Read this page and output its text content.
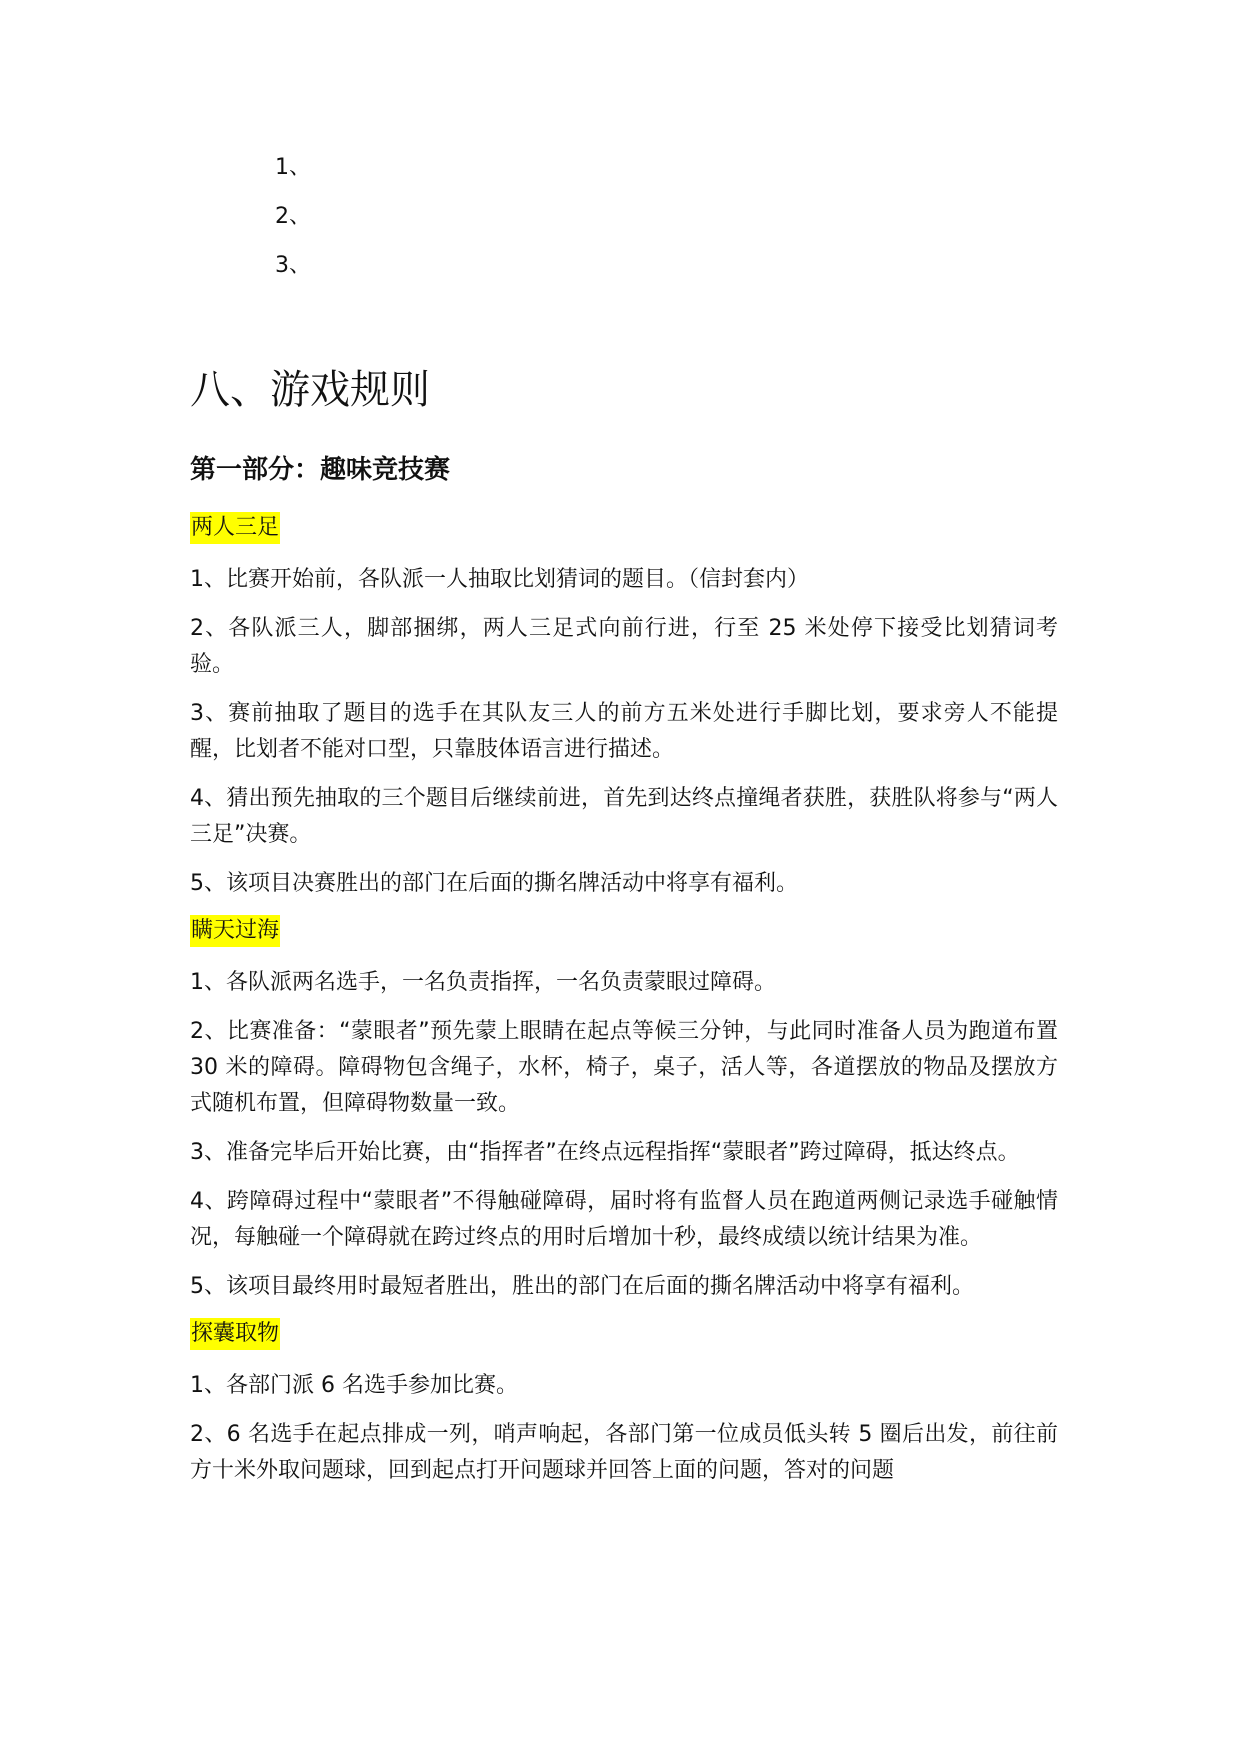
1、
2、
3、
八、游戏规则
第一部分：趣味竞技赛
两人三足

1、比赛开始前，各队派一人抽取比划猜词的题目。（信封套内）

2、各队派三人，脚部捆绑，两人三足式向前行进，行至 25 米处停下接受比划猜词考验。

3、赛前抽取了题目的选手在其队友三人的前方五米处进行手脚比划，要求旁人不能提醒，比划者不能对口型，只靠肢体语言进行描述。

4、猜出预先抽取的三个题目后继续前进，首先到达终点撞绳者获胜，获胜队将参与“两人三足”决赛。

5、该项目决赛胜出的部门在后面的撕名牌活动中将享有福利。

瞒天过海

1、各队派两名选手，一名负责指挥，一名负责蒙眼过障碍。

2、比赛准备：“蒙眼者”预先蒙上眼睛在起点等候三分钟，与此同时准备人员为跑道布置 30 米的障碍。障碍物包含绳子，水杯，椅子，桌子，活人等，各道摆放的物品及摆放方式随机布置，但障碍物数量一致。

3、准备完毕后开始比赛，由“指挥者”在终点远程指挥“蒙眼者”跨过障碍，抵达终点。

4、跨障碍过程中“蒙眼者”不得触碰障碍，届时将有监督人员在跑道两侧记录选手碰触情况，每触碰一个障碍就在跨过终点的用时后增加十秒，最终成绩以统计结果为准。

5、该项目最终用时最短者胜出，胜出的部门在后面的撕名牌活动中将享有福利。

探囊取物

1、各部门派 6 名选手参加比赛。

2、6 名选手在起点排成一列，哨声响起，各部门第一位成员低头转 5 圈后出发，前往前方十米外取问题球，回到起点打开问题球并回答上面的问题，答对的问题
